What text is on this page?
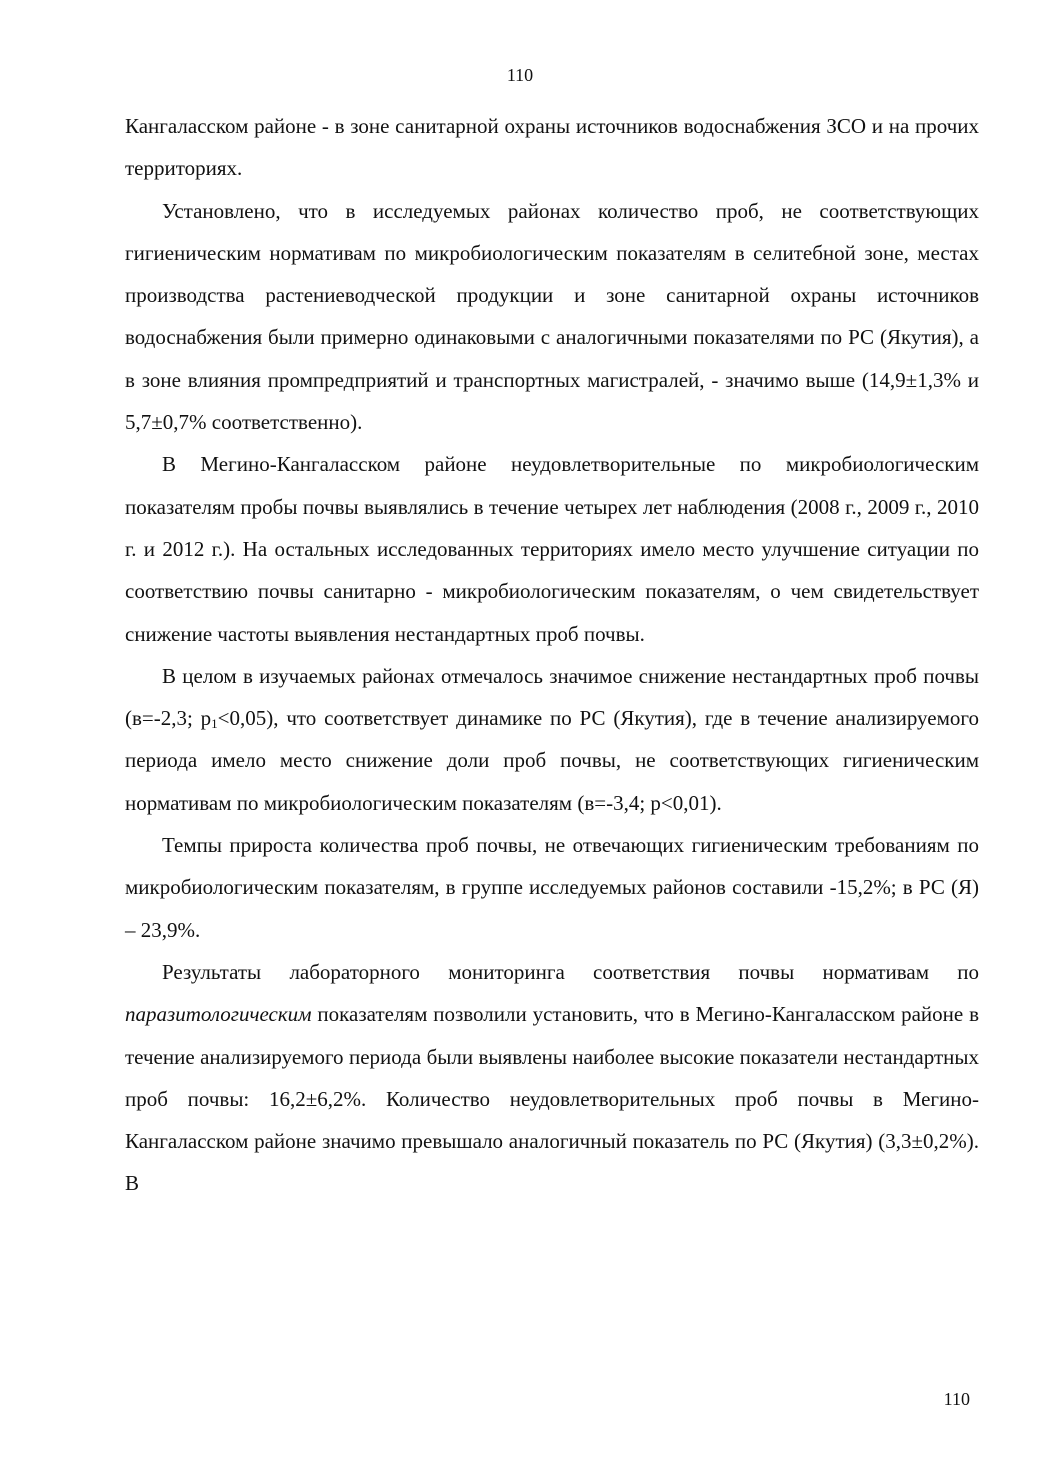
110

Кангаласском районе - в зоне санитарной охраны источников водоснабжения ЗСО и на прочих территориях.

Установлено, что в исследуемых районах количество проб, не соответствующих гигиеническим нормативам по микробиологическим показателям в селитебной зоне, местах производства растениеводческой продукции и зоне санитарной охраны источников водоснабжения были примерно одинаковыми с аналогичными показателями по РС (Якутия), а в зоне влияния промпредприятий и транспортных магистралей, - значимо выше (14,9±1,3% и 5,7±0,7% соответственно).

В Мегино-Кангаласском районе неудовлетворительные по микробиологическим показателям пробы почвы выявлялись в течение четырех лет наблюдения (2008 г., 2009 г., 2010 г. и 2012 г.). На остальных исследованных территориях имело место улучшение ситуации по соответствию почвы санитарно - микробиологическим показателям, о чем свидетельствует снижение частоты выявления нестандартных проб почвы.

В целом в изучаемых районах отмечалось значимое снижение нестандартных проб почвы (в=-2,3; $p_1<0,05$), что соответствует динамике по РС (Якутия), где в течение анализируемого периода имело место снижение доли проб почвы, не соответствующих гигиеническим нормативам по микробиологическим показателям (в=-3,4; p<0,01).

Темпы прироста количества проб почвы, не отвечающих гигиеническим требованиям по микробиологическим показателям, в группе исследуемых районов составили -15,2%; в РС (Я) – 23,9%.

Результаты лабораторного мониторинга соответствия почвы нормативам по паразитологическим показателям позволили установить, что в Мегино-Кангаласском районе в течение анализируемого периода были выявлены наиболее высокие показатели нестандартных проб почвы: 16,2±6,2%. Количество неудовлетворительных проб почвы в Мегино-Кангаласском районе значимо превышало аналогичный показатель по РС (Якутия) (3,3±0,2%). В

110
